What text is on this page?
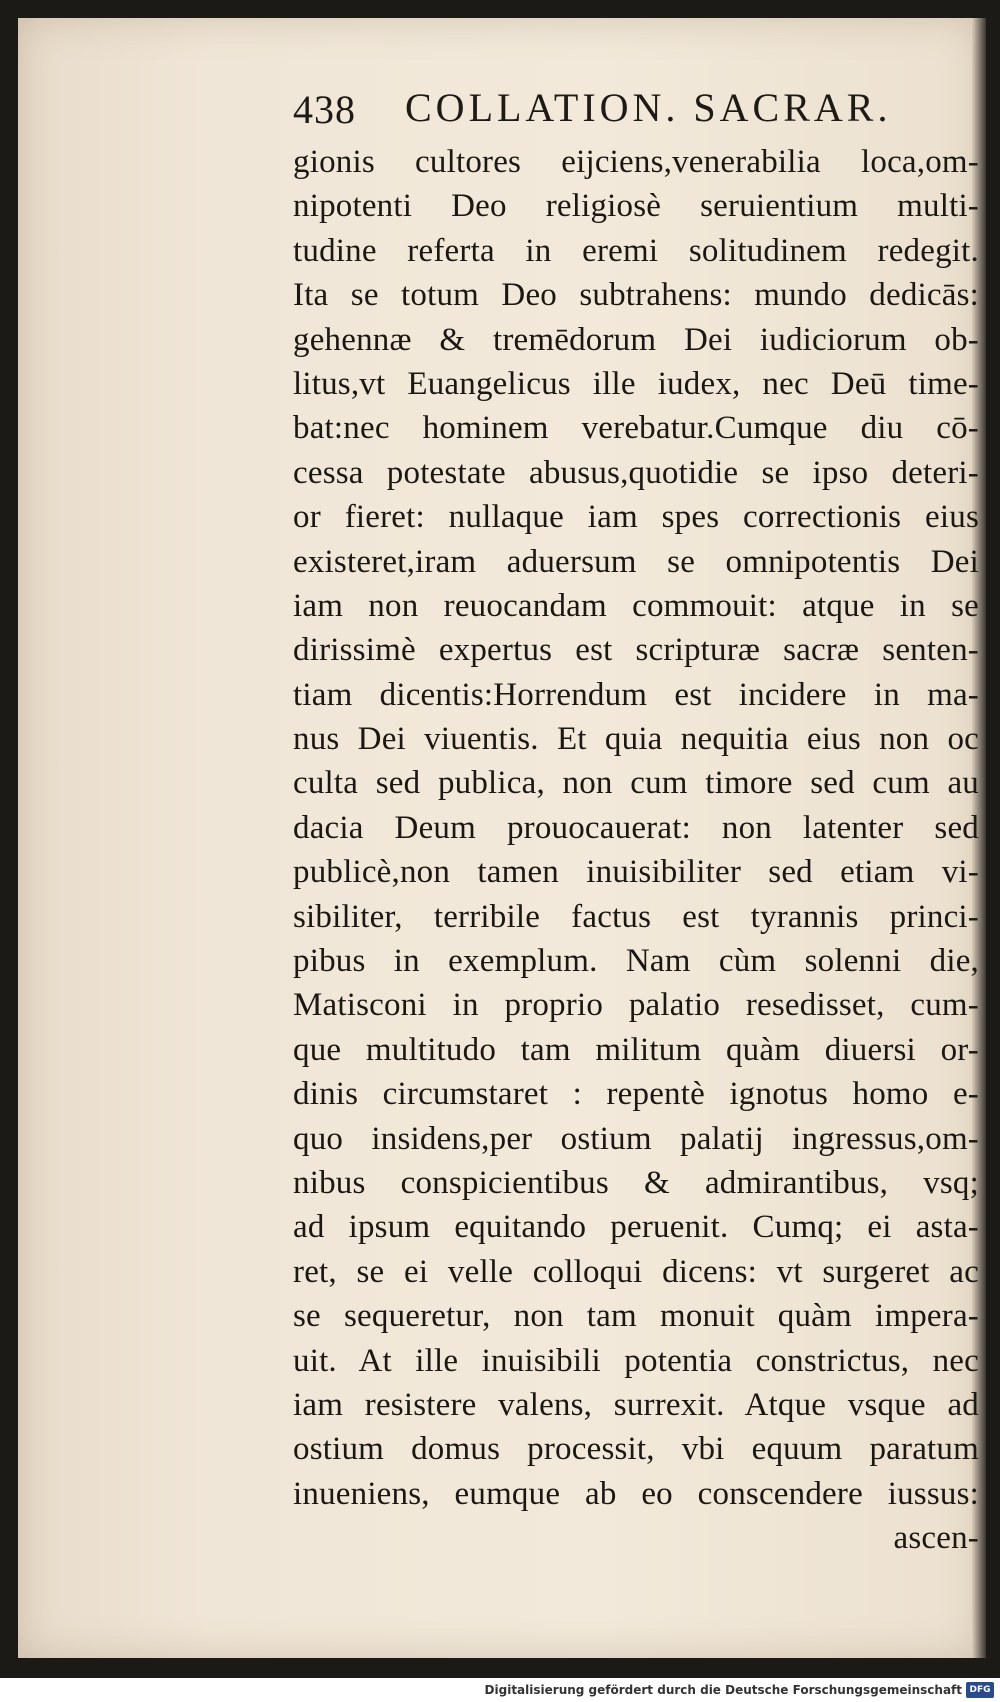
438 COLLATION. SACRAR.
gionis cultores eijciens,venerabilia loca,om-
nipotenti Deo religiosè seruientium multi-
tudine referta in eremi solitudinem redegit.
Ita se totum Deo subtrahens: mundo dedicās:
gehennæ & tremēdorum Dei iudiciorum ob-
litus,vt Euangelicus ille iudex, nec Deū time-
bat:nec hominem verebatur.Cumque diu cō-
cessa potestate abusus,quotidie se ipso deteri-
or fieret: nullaque iam spes correctionis eius
existeret,iram aduersum se omnipotentis Dei
iam non reuocandam commouit: atque in se
dirissimè expertus est scripturæ sacræ senten-
tiam dicentis:Horrendum est incidere in ma-
nus Dei viuentis. Et quia nequitia eius non oc
culta sed publica, non cum timore sed cum au
dacia Deum prouocauerat: non latenter sed
publicè,non tamen inuisibiliter sed etiam vi-
sibiliter, terribile factus est tyrannis princi-
pibus in exemplum. Nam cùm solenni die,
Matisconi in proprio palatio resedisset, cum-
que multitudo tam militum quàm diuersi or-
dinis circumstaret : repentè ignotus homo e-
quo insidens,per ostium palatij ingressus,om-
nibus conspicientibus & admirantibus, vsq;
ad ipsum equitando peruenit. Cumq; ei asta-
ret, se ei velle colloqui dicens: vt surgeret ac
se sequeretur, non tam monuit quàm impera-
uit. At ille inuisibili potentia constrictus, nec
iam resistere valens, surrexit. Atque vsque ad
ostium domus processit, vbi equum paratum
inueniens, eumque ab eo conscendere iussus:
ascen-
Digitalisierung gefördert durch die Deutsche Forschungsgemeinschaft DFG
